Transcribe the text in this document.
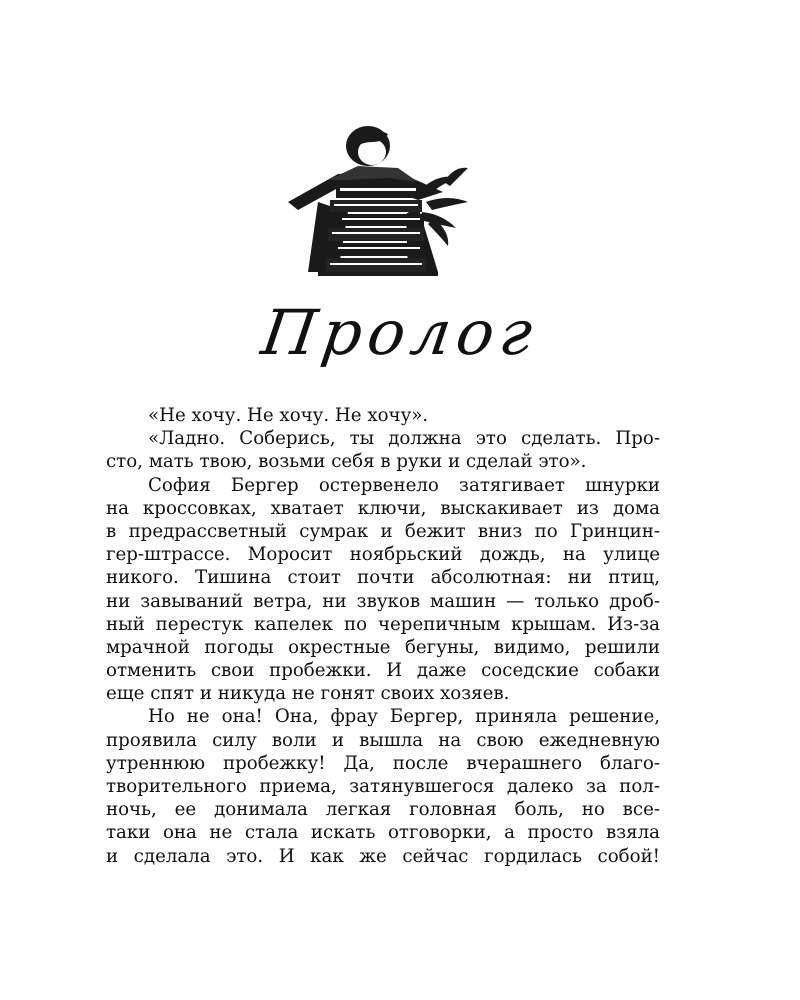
Пролог
«Не хочу. Не хочу. Не хочу».
«Ладно. Соберись, ты должна это сделать. Про-
сто, мать твою, возьми себя в руки и сделай это».
София Бергер остервенело затягивает шнурки
на кроссовках, хватает ключи, выскакивает из дома
в предрассветный сумрак и бежит вниз по Гринцин-
гер-штрассе. Моросит ноябрьский дождь, на улице
никого. Тишина стоит почти абсолютная: ни птиц,
ни завываний ветра, ни звуков машин — только дроб-
ный перестук капелек по черепичным крышам. Из-за
мрачной погоды окрестные бегуны, видимо, решили
отменить свои пробежки. И даже соседские собаки
еще спят и никуда не гонят своих хозяев.
Но не она! Она, фрау Бергер, приняла решение,
проявила силу воли и вышла на свою ежедневную
утреннюю пробежку! Да, после вчерашнего благо-
творительного приема, затянувшегося далеко за пол-
ночь, ее донимала легкая головная боль, но все-
таки она не стала искать отговорки, а просто взяла
и сделала это. И как же сейчас гордилась собой!
